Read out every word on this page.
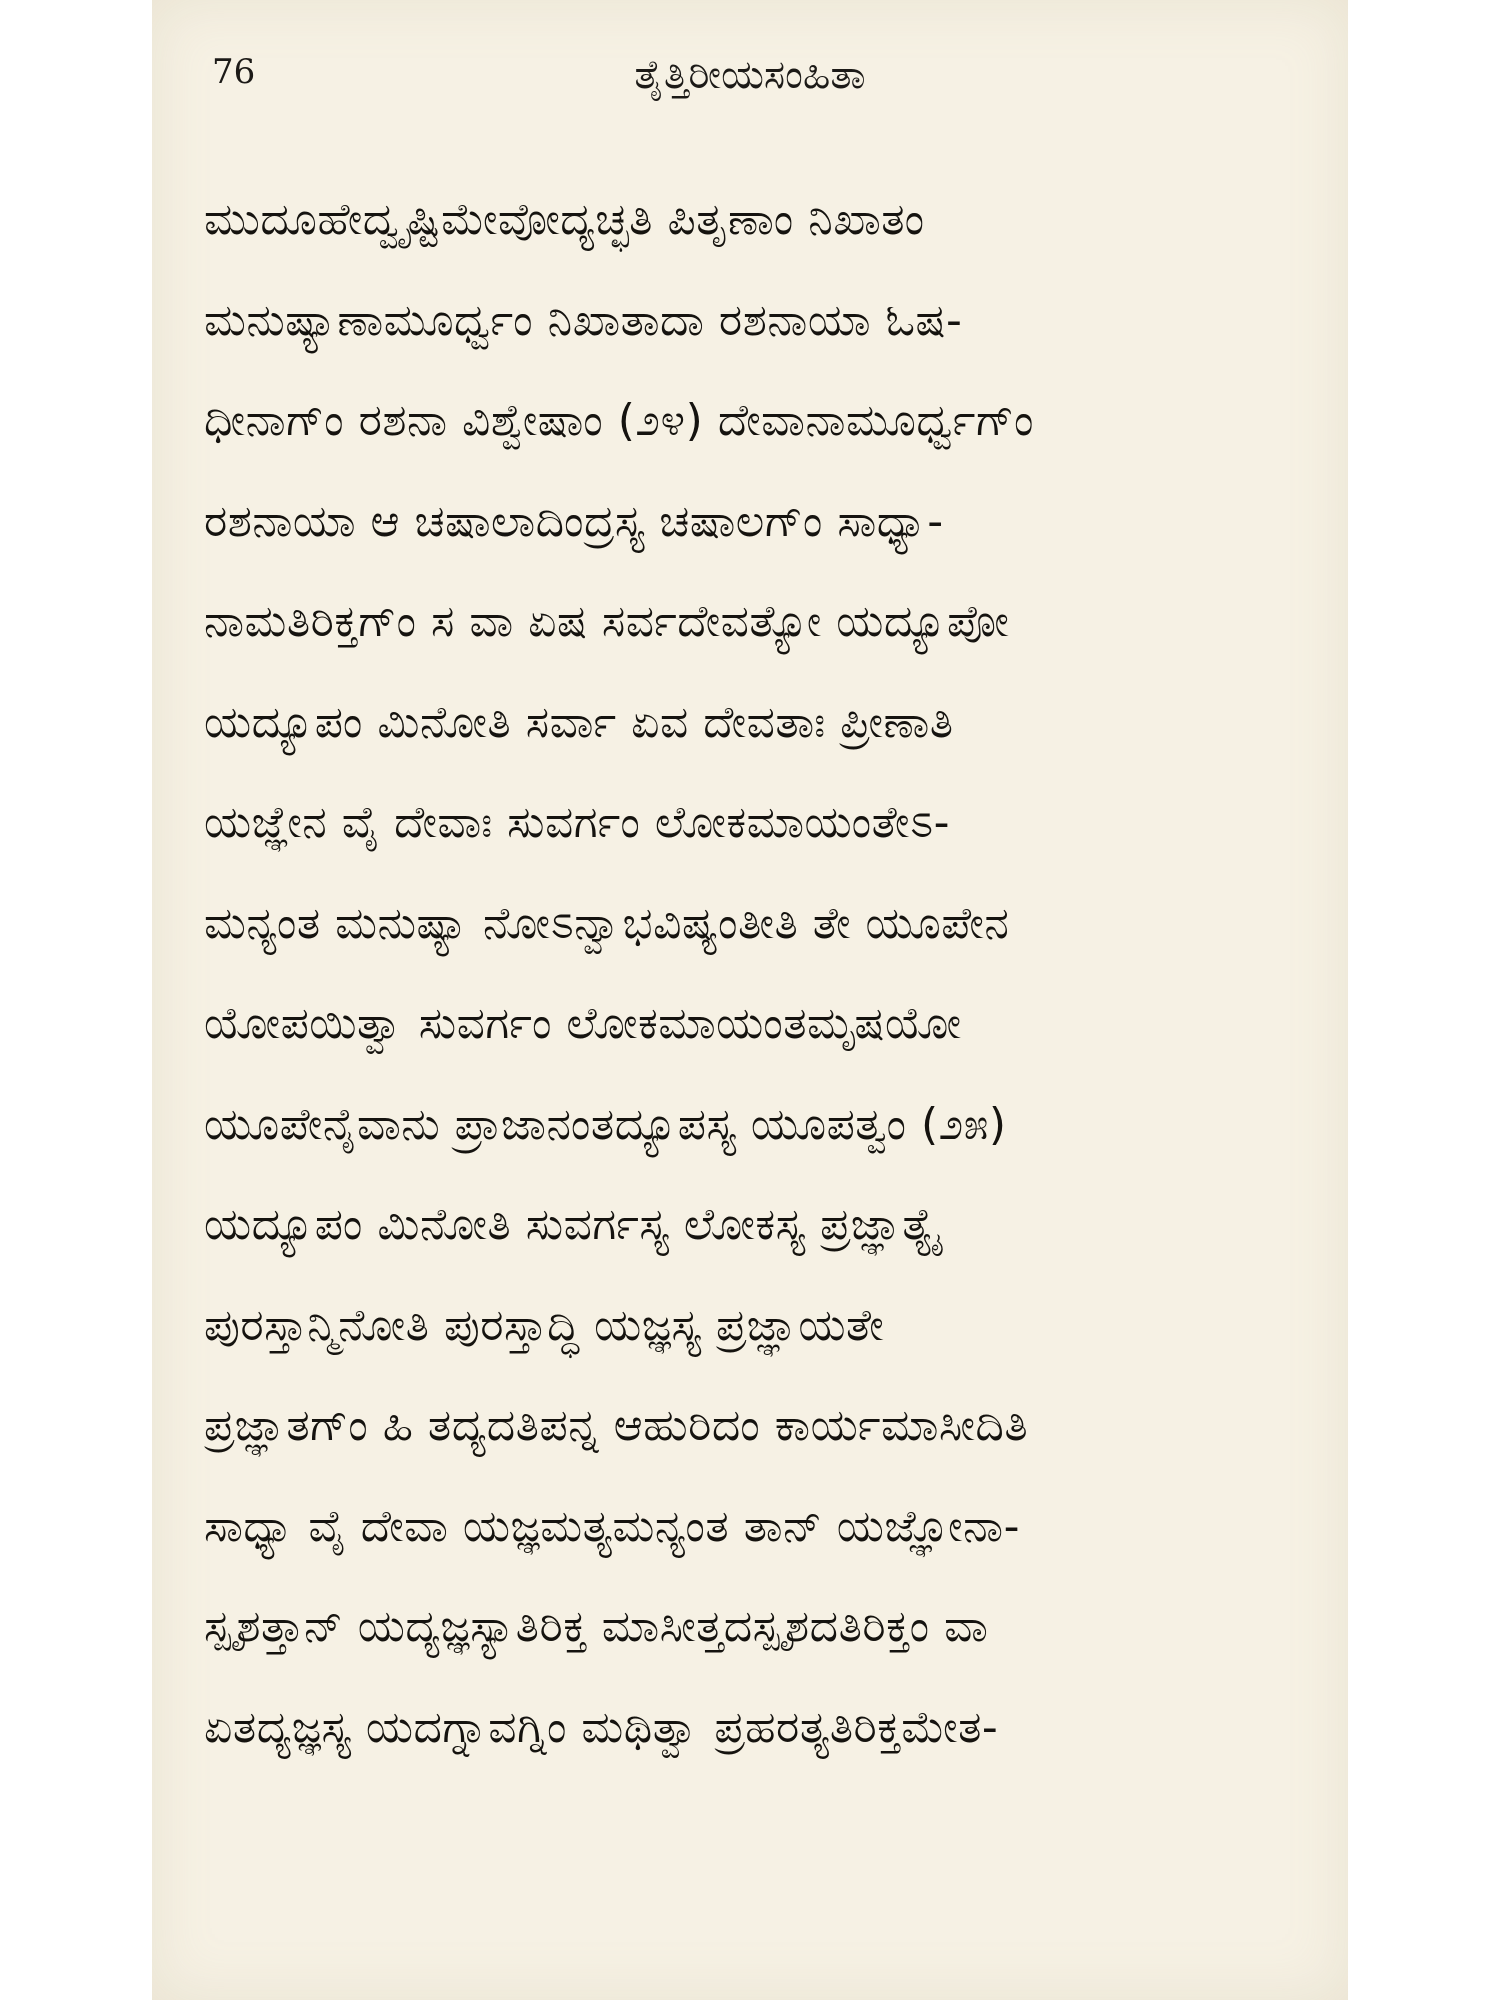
76	ತೈತ್ತಿರೀಯಸಂಹಿತಾ
ಮುದೂಹೇದ್ವೃಷ್ಟಿಮೇವೋದ್ಯಚ್ಛತಿ ಪಿತೃಣಾಂ ನಿಖಾತಂ
ಮನುಷ್ಯಾಣಾಮೂರ್ಧ್ವಂ ನಿಖಾತಾದಾ ರಶನಾಯಾ ಓಷ-
ಧೀನಾಗ್ಂ ರಶನಾ ವಿಶ್ವೇಷಾಂ (೨೪) ದೇವಾನಾಮೂರ್ಧ್ವಗ್ಂ
ರಶನಾಯಾ ಆ ಚಷಾಲಾದಿಂದ್ರಸ್ಯ ಚಷಾಲಗ್ಂ ಸಾಧ್ಯಾ-
ನಾಮತಿರಿಕ್ತಗ್ಂ ಸ ವಾ ಏಷ ಸರ್ವದೇವತ್ಯೋ ಯದ್ಯೂಪೋ
ಯದ್ಯೂಪಂ ಮಿನೋತಿ ಸರ್ವಾ ಏವ ದೇವತಾಃ ಪ್ರೀಣಾತಿ
ಯಜ್ಞೇನ ವೈ ದೇವಾಃ ಸುವರ್ಗಂ ಲೋಕಮಾಯಂತೇಽ-
ಮನ್ಯಂತ ಮನುಷ್ಯಾ ನೋಽನ್ವಾಭವಿಷ್ಯಂತೀತಿ ತೇ ಯೂಪೇನ
ಯೋಪಯಿತ್ವಾ ಸುವರ್ಗಂ ಲೋಕಮಾಯಂತಮೃಷಯೋ
ಯೂಪೇನೈವಾನು ಪ್ರಾಜಾನಂತದ್ಯೂಪಸ್ಯ ಯೂಪತ್ವಂ (೨೫)
ಯದ್ಯೂಪಂ ಮಿನೋತಿ ಸುವರ್ಗಸ್ಯ ಲೋಕಸ್ಯ ಪ್ರಜ್ಞಾತ್ಯೈ
ಪುರಸ್ತಾನ್ಮಿನೋತಿ ಪುರಸ್ತಾದ್ಧಿ ಯಜ್ಞಸ್ಯ ಪ್ರಜ್ಞಾಯತೇ
ಪ್ರಜ್ಞಾತಗ್ಂ ಹಿ ತದ್ಯದತಿಪನ್ನ ಆಹುರಿದಂ ಕಾರ್ಯಮಾಸೀದಿತಿ
ಸಾಧ್ಯಾ ವೈ ದೇವಾ ಯಜ್ಞಮತ್ಯಮನ್ಯಂತ ತಾನ್ ಯಜ್ಞೋನಾ-
ಸ್ಪೃಶತ್ತಾನ್ ಯದ್ಯಜ್ಞಸ್ಯಾತಿರಿಕ್ತ ಮಾಸೀತ್ತದಸ್ಪೃಶದತಿರಿಕ್ತಂ ವಾ
ಏತದ್ಯಜ್ಞಸ್ಯ ಯದಗ್ನಾವಗ್ನಿಂ ಮಥಿತ್ವಾ ಪ್ರಹರತ್ಯತಿರಿಕ್ತಮೇತ-
